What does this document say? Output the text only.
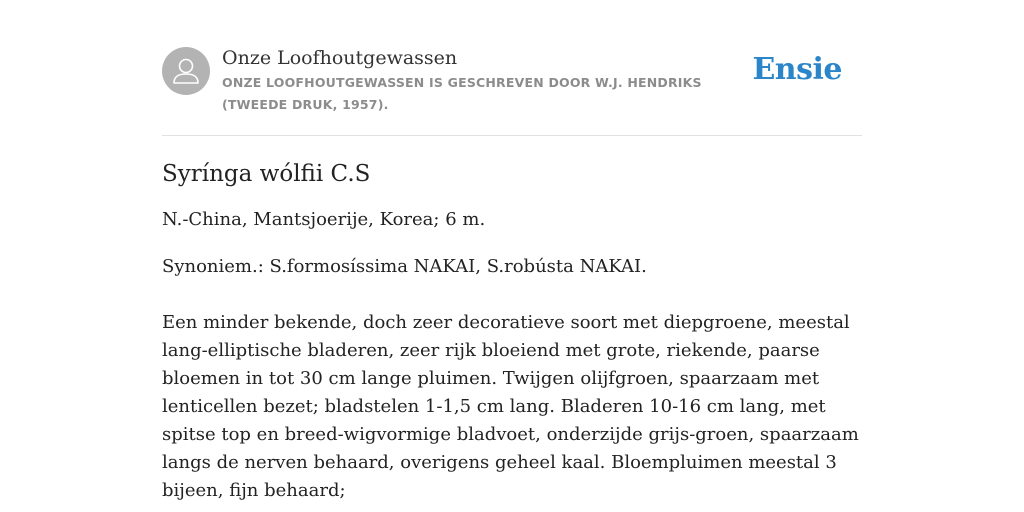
Onze Loofhoutgewassen
ONZE LOOFHOUTGEWASSEN IS GESCHREVEN DOOR W.J. HENDRIKS (TWEEDE DRUK, 1957).
Ensie
Syrínga wólfii C.S

N.-China, Mantsjoerije, Korea; 6 m.

Synoniem.: S.formosíssima NAKAI, S.robústa NAKAI.

Een minder bekende, doch zeer decoratieve soort met diepgroene, meestal lang-elliptische bladeren, zeer rijk bloeiend met grote, riekende, paarse bloemen in tot 30 cm lange pluimen. Twijgen olijfgroen, spaarzaam met lenticellen bezet; bladstelen 1-1,5 cm lang. Bladeren 10-16 cm lang, met spitse top en breed-wigvormige bladvoet, onderzijde grijs-groen, spaarzaam langs de nerven behaard, overigens geheel kaal. Bloempluimen meestal 3 bijeen, fijn behaard;
